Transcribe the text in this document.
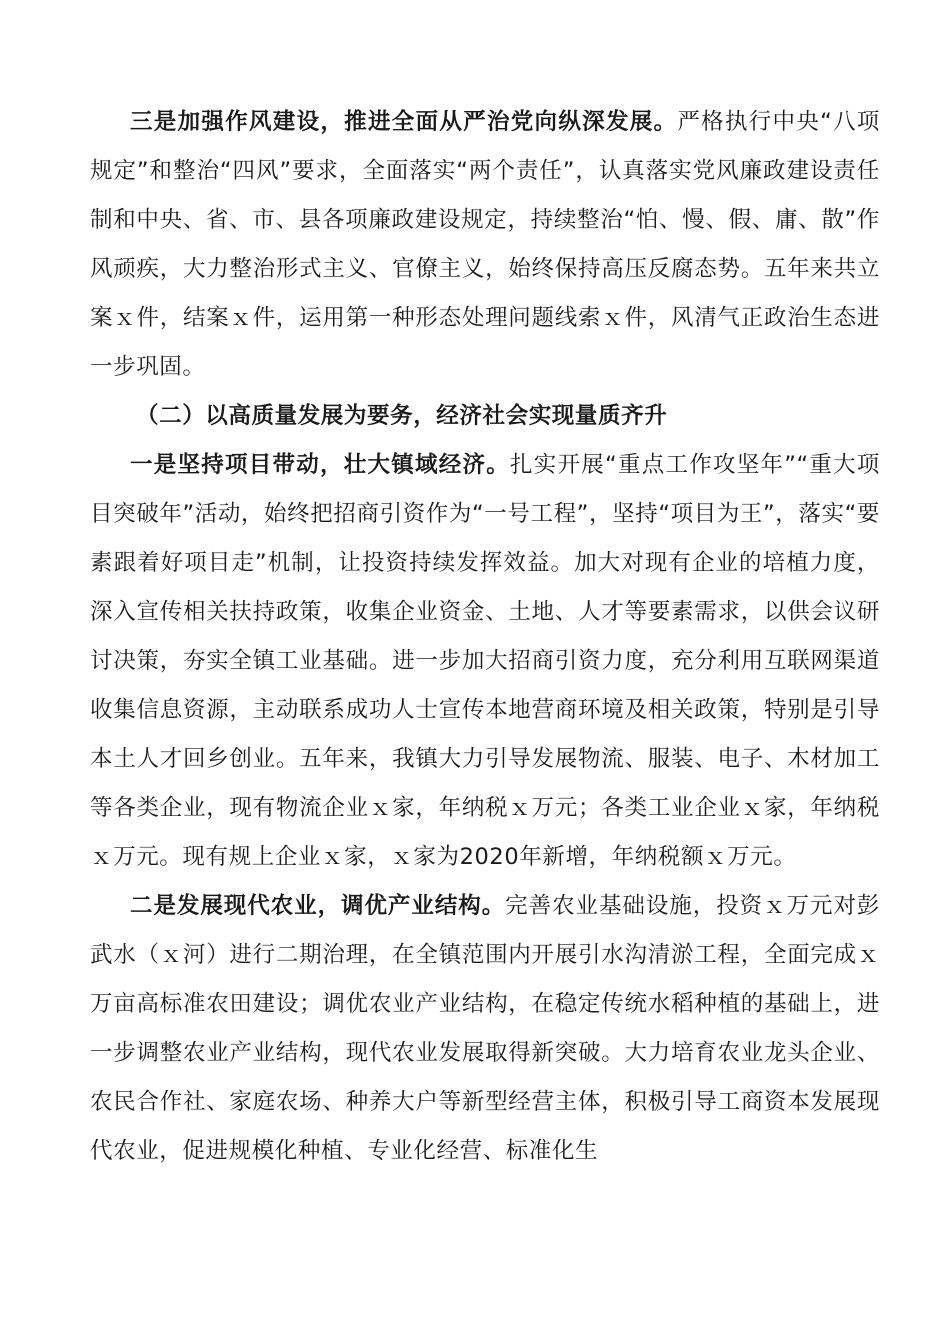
三是加强作风建设，推进全面从严治党向纵深发展。严格执行中央“八项规定”和整治“四风”要求，全面落实“两个责任”，认真落实党风廉政建设责任制和中央、省、市、县各项廉政建设规定，持续整治“怕、慢、假、庸、散”作风顽疾，大力整治形式主义、官僚主义，始终保持高压反腐态势。五年来共立案ｘ件，结案ｘ件，运用第一种形态处理问题线索ｘ件，风清气正政治生态进一步巩固。

（二）以高质量发展为要务，经济社会实现量质齐升

一是坚持项目带动，壮大镇域经济。扎实开展“重点工作攻坚年”“重大项目突破年”活动，始终把招商引资作为“一号工程”，坚持“项目为王”，落实“要素跟着好项目走”机制，让投资持续发挥效益。加大对现有企业的培植力度，深入宣传相关扶持政策，收集企业资金、土地、人才等要素需求，以供会议研讨决策，夯实全镇工业基础。进一步加大招商引资力度，充分利用互联网渠道收集信息资源，主动联系成功人士宣传本地营商环境及相关政策，特别是引导本土人才回乡创业。五年来，我镇大力引导发展物流、服装、电子、木材加工等各类企业，现有物流企业ｘ家，年纳税ｘ万元；各类工业企业ｘ家，年纳税ｘ万元。现有规上企业ｘ家，ｘ家为2020年新增，年纳税额ｘ万元。

二是发展现代农业，调优产业结构。完善农业基础设施，投资ｘ万元对彭武水（ｘ河）进行二期治理，在全镇范围内开展引水沟清淤工程，全面完成ｘ万亩高标准农田建设；调优农业产业结构，在稳定传统水稻种植的基础上，进一步调整农业产业结构，现代农业发展取得新突破。大力培育农业龙头企业、农民合作社、家庭农场、种养大户等新型经营主体，积极引导工商资本发展现代农业，促进规模化种植、专业化经营、标准化生
